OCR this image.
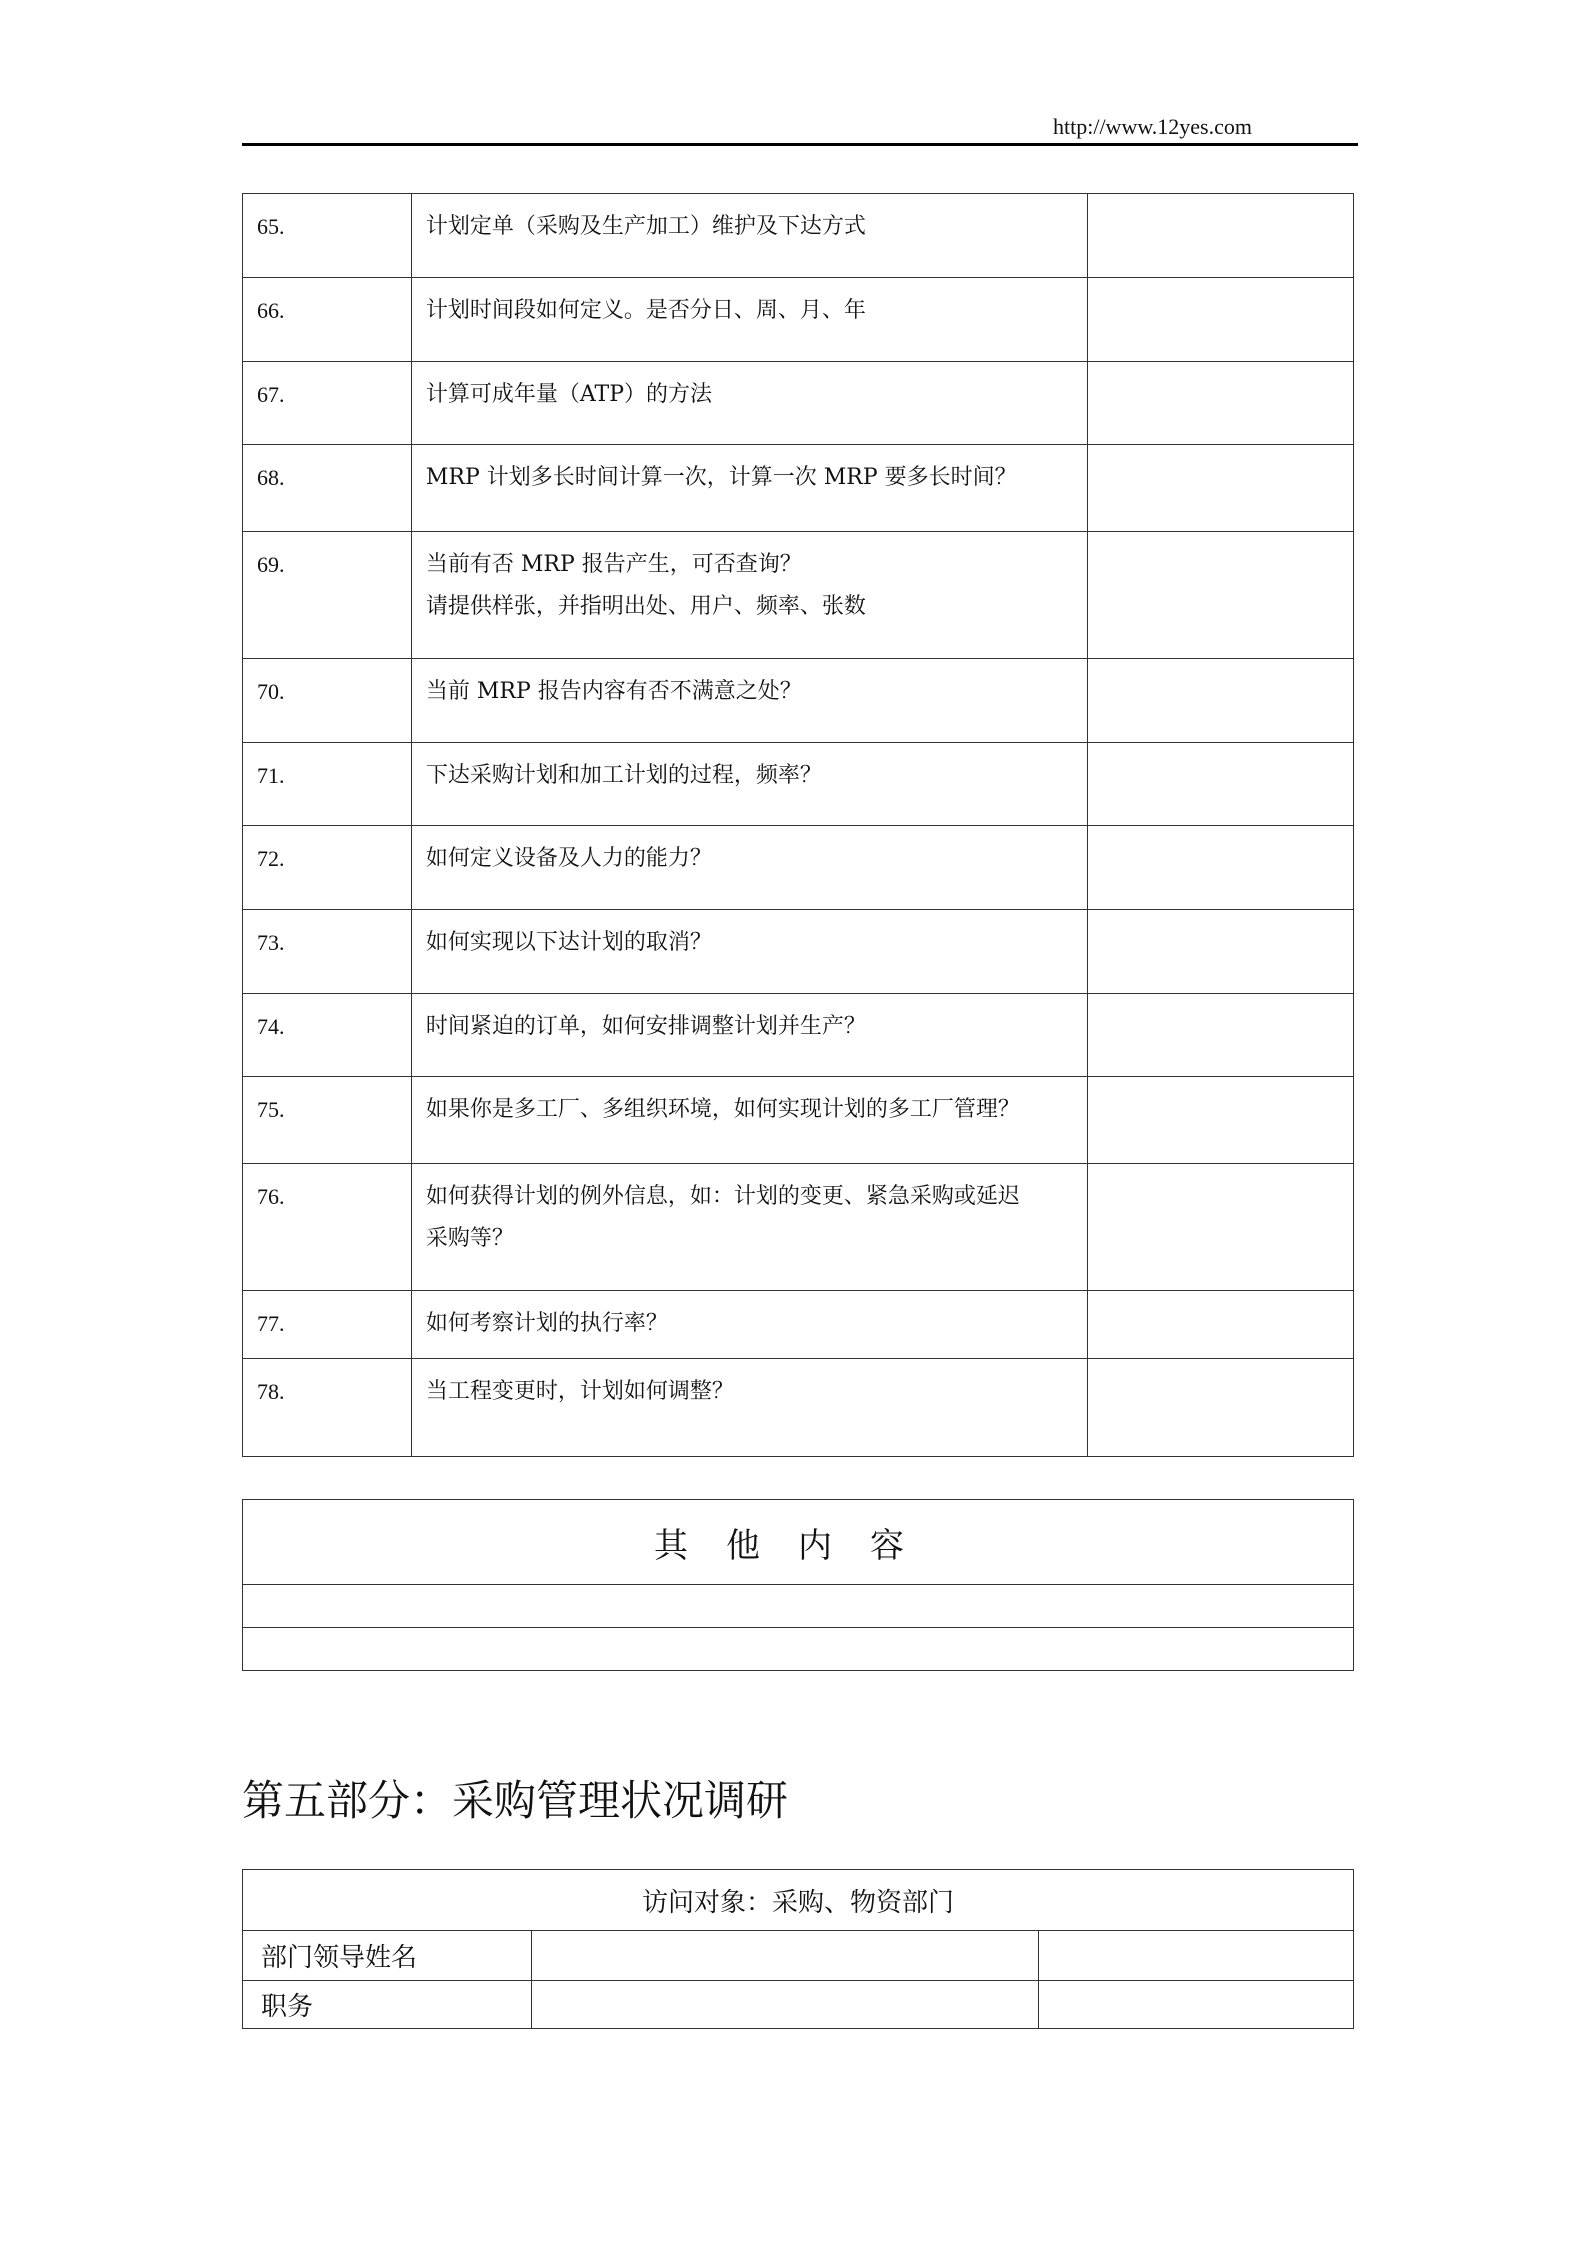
http://www.12yes.com
65.	计划定单（采购及生产加工）维护及下达方式	

66.	计划时间段如何定义。是否分日、周、月、年	

67.	计算可成年量（ATP）的方法	

68.	MRP 计划多长时间计算一次，计算一次 MRP 要多长时间？	

69.	当前有否 MRP 报告产生，可否查询？
请提供样张，并指明出处、用户、频率、张数	

70.	当前 MRP 报告内容有否不满意之处？	

71.	下达采购计划和加工计划的过程，频率？	

72.	如何定义设备及人力的能力？	

73.	如何实现以下达计划的取消？	

74.	时间紧迫的订单，如何安排调整计划并生产？	

75.	如果你是多工厂、多组织环境，如何实现计划的多工厂管理？	

76.	如何获得计划的例外信息，如：计划的变更、紧急采购或延迟
采购等？	

77.	如何考察计划的执行率？	

78.	当工程变更时，计划如何调整？	

其他内容

第五部分：采购管理状况调研
访问对象：采购、物资部门		
部门领导姓名		
职务		
